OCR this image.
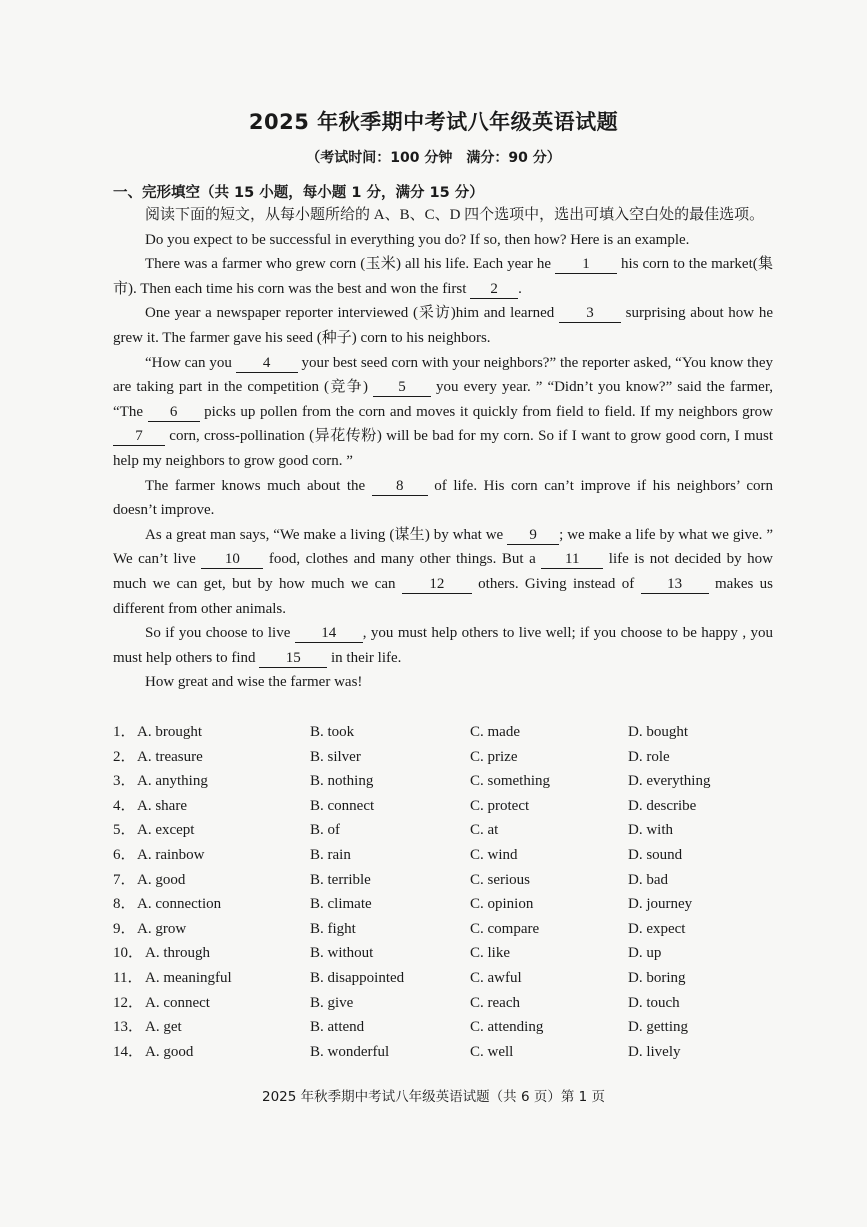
2025 年秋季期中考试八年级英语试题
（考试时间：100 分钟　满分：90 分）
一、完形填空（共 15 小题，每小题 1 分，满分 15 分）

阅读下面的短文，从每小题所给的 A、B、C、D 四个选项中，选出可填入空白处的最佳选项。

Do you expect to be successful in everything you do? If so, then how? Here is an example.

There was a farmer who grew corn (玉米) all his life. Each year he 1 his corn to the market(集市). Then each time his corn was the best and won the first 2 .

One year a newspaper reporter interviewed (采访)him and learned 3 surprising about how he grew it. The farmer gave his seed (种子) corn to his neighbors.

“How can you 4 your best seed corn with your neighbors?” the reporter asked, “You know they are taking part in the competition (竞争) 5 you every year. ” “Didn’t you know?” said the farmer, “The 6 picks up pollen from the corn and moves it quickly from field to field. If my neighbors grow 7 corn, cross-pollination (异花传粉) will be bad for my corn. So if I want to grow good corn, I must help my neighbors to grow good corn. ”

The farmer knows much about the 8 of life. His corn can’t improve if his neighbors’ corn doesn’t improve.

As a great man says, “We make a living (谋生) by what we 9 ; we make a life by what we give. ” We can’t live 10 food, clothes and many other things. But a 11 life is not decided by how much we can get, but by how much we can 12 others. Giving instead of 13 makes us different from other animals.

So if you choose to live 14 , you must help others to live well; if you choose to be happy , you must help others to find 15 in their life.

How great and wise the farmer was!

1． A. brought	B. took	C. made	D. bought
2． A. treasure	B. silver	C. prize	D. role
3． A. anything	B. nothing	C. something	D. everything
4． A. share	B. connect	C. protect	D. describe
5． A. except	B. of	C. at	D. with
6． A. rainbow	B. rain	C. wind	D. sound
7． A. good	B. terrible	C. serious	D. bad
8． A. connection	B. climate	C. opinion	D. journey
9． A. grow	B. fight	C. compare	D. expect
10． A. through	B. without	C. like	D. up
11． A. meaningful	B. disappointed	C. awful	D. boring
12． A. connect	B. give	C. reach	D. touch
13． A. get	B. attend	C. attending	D. getting
14． A. good	B. wonderful	C. well	D. lively
2025 年秋季期中考试八年级英语试题（共 6 页）第 1 页
